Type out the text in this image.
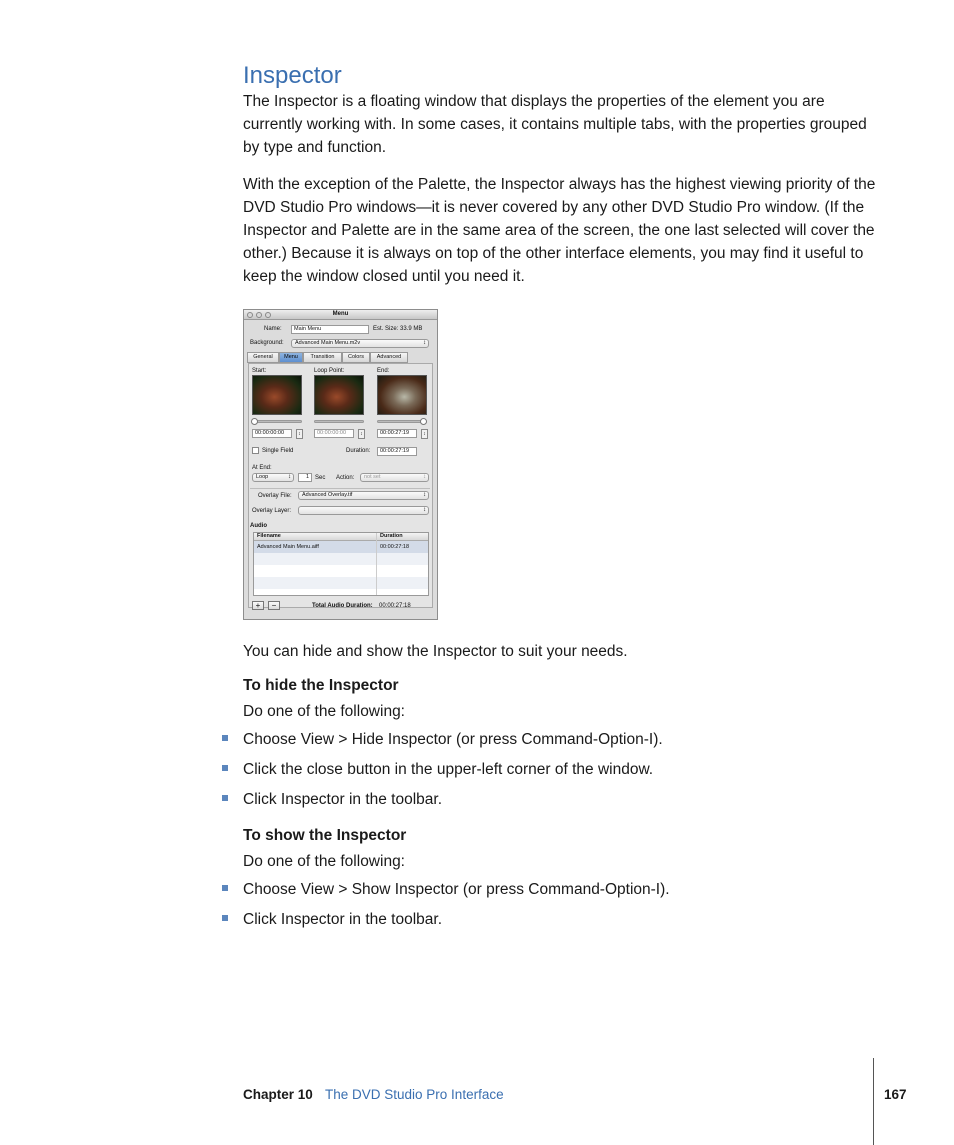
Inspector

The Inspector is a floating window that displays the properties of the element you are currently working with. In some cases, it contains multiple tabs, with the properties grouped by type and function.

With the exception of the Palette, the Inspector always has the highest viewing priority of the DVD Studio Pro windows—it is never covered by any other DVD Studio Pro window. (If the Inspector and Palette are in the same area of the screen, the one last selected will cover the other.) Because it is always on top of the other interface elements, you may find it useful to keep the window closed until you need it.

Menu
Name:	Main Menu	Est. Size: 33.9 MB
Background:	Advanced Main Menu.m2v ↕
General	Menu	Transition	Colors	Advanced
Start:	Loop Point:	End:
00:00:00:00	↕	00:00:00:00	↕	00:00:27:19	↕
Single Field	Duration:	00:00:27:19
At End:
Loop ↕	1	Sec Action:	not set ↕
Overlay File:	Advanced Overlay.tif ↕
Overlay Layer:
↕
Audio
Filename	Duration
Advanced Main Menu.aiff	00:00:27:18
+	−	Total Audio Duration: 00:00:27:18

You can hide and show the Inspector to suit your needs.

To hide the Inspector

Do one of the following:

Choose View > Hide Inspector (or press Command-Option-I).
Click the close button in the upper-left corner of the window.
Click Inspector in the toolbar.
To show the Inspector

Do one of the following:

Choose View > Show Inspector (or press Command-Option-I).
Click Inspector in the toolbar.
Chapter 10 The DVD Studio Pro Interface	167
